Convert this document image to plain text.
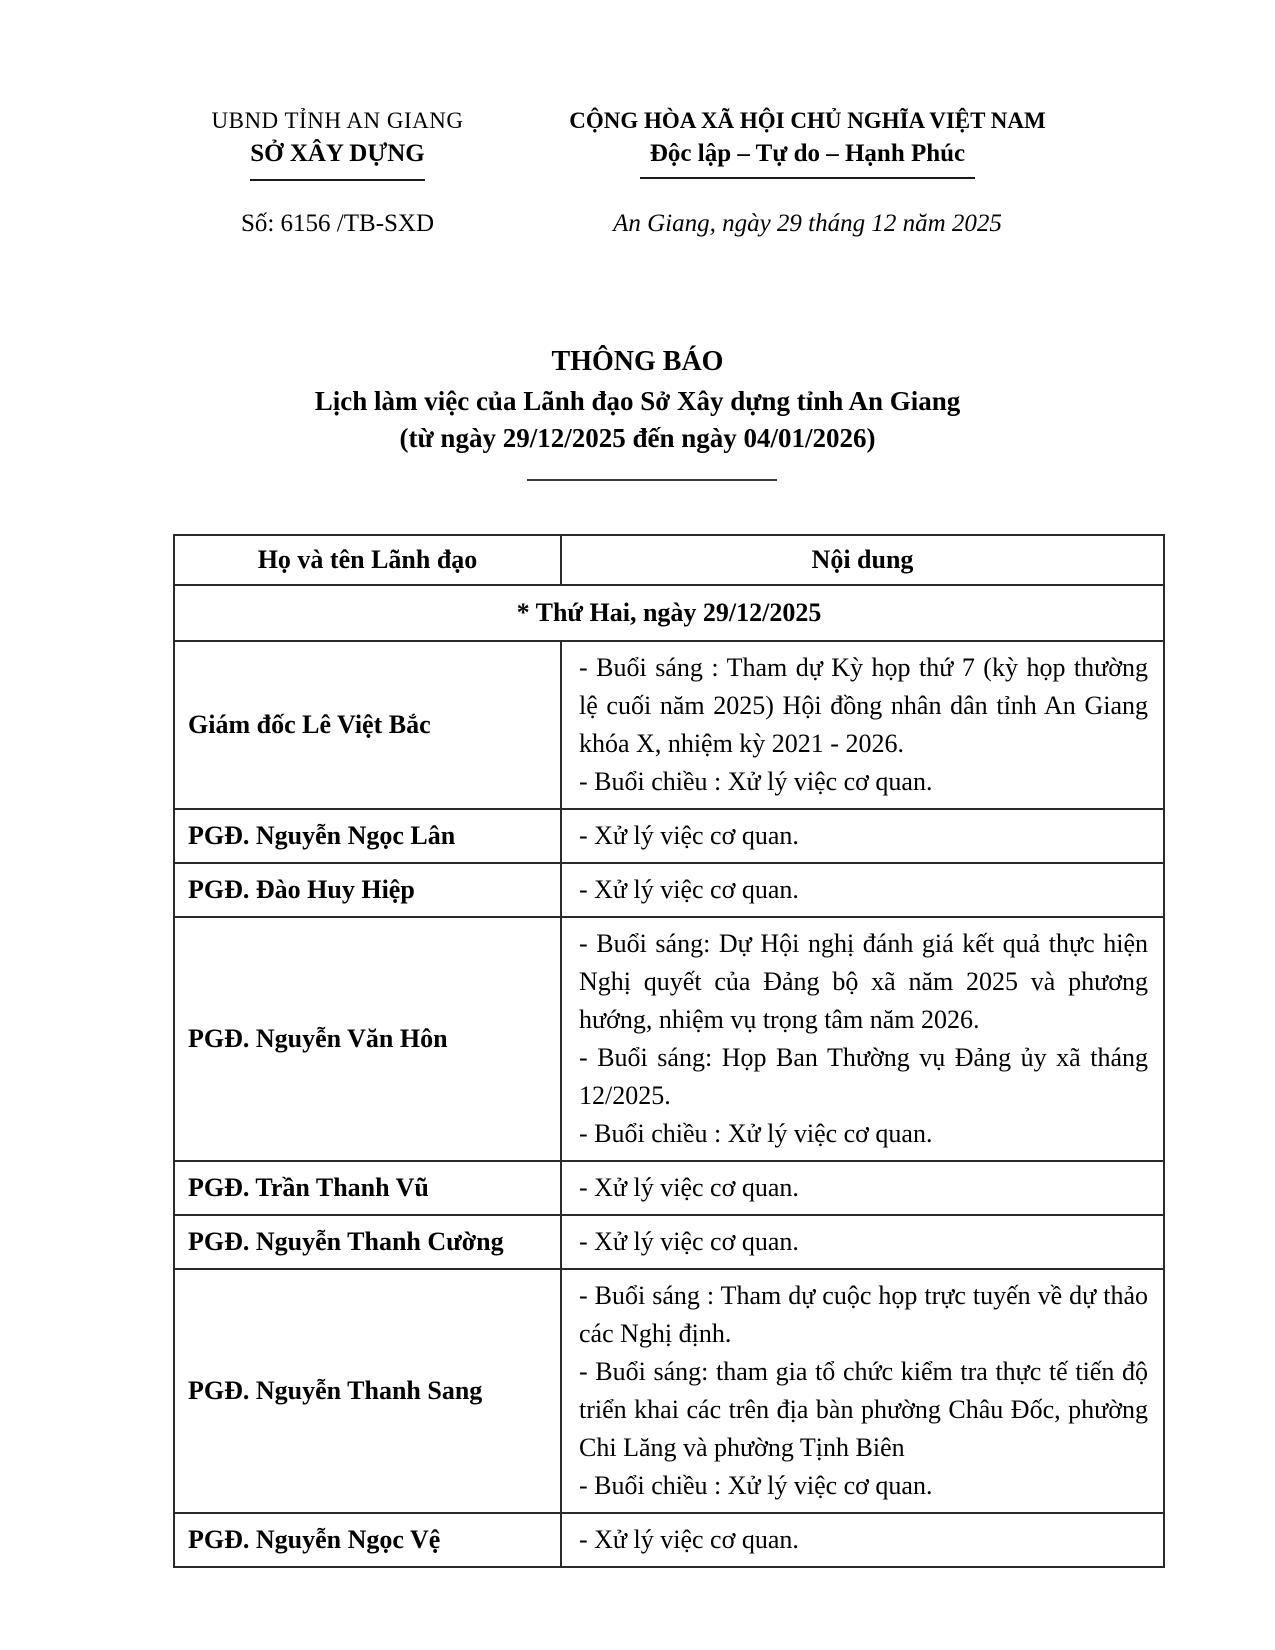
UBND TỈNH AN GIANG
SỞ XÂY DỰNG
CỘNG HÒA XÃ HỘI CHỦ NGHĨA VIỆT NAM
Độc lập – Tự do – Hạnh Phúc
Số: 6156 /TB-SXD	An Giang, ngày 29 tháng 12 năm 2025
THÔNG BÁO
Lịch làm việc của Lãnh đạo Sở Xây dựng tỉnh An Giang
(từ ngày 29/12/2025 đến ngày 04/01/2026)
Họ và tên Lãnh đạo	Nội dung
* Thứ Hai, ngày 29/12/2025	
Giám đốc Lê Việt Bắc	- Buổi sáng : Tham dự Kỳ họp thứ 7 (kỳ họp thường lệ cuối năm 2025) Hội đồng nhân dân tỉnh An Giang khóa X, nhiệm kỳ 2021 - 2026.

- Buổi chiều : Xử lý việc cơ quan.

PGĐ. Nguyễn Ngọc Lân	- Xử lý việc cơ quan.

PGĐ. Đào Huy Hiệp	- Xử lý việc cơ quan.

PGĐ. Nguyễn Văn Hôn	- Buổi sáng: Dự Hội nghị đánh giá kết quả thực hiện Nghị quyết của Đảng bộ xã năm 2025 và phương hướng, nhiệm vụ trọng tâm năm 2026.

- Buổi sáng: Họp Ban Thường vụ Đảng ủy xã tháng 12/2025.

- Buổi chiều : Xử lý việc cơ quan.

PGĐ. Trần Thanh Vũ	- Xử lý việc cơ quan.

PGĐ. Nguyễn Thanh Cường	- Xử lý việc cơ quan.

PGĐ. Nguyễn Thanh Sang	- Buổi sáng : Tham dự cuộc họp trực tuyến về dự thảo các Nghị định.

- Buổi sáng: tham gia tổ chức kiểm tra thực tế tiến độ triển khai các trên địa bàn phường Châu Đốc, phường Chi Lăng và phường Tịnh Biên

- Buổi chiều : Xử lý việc cơ quan.

PGĐ. Nguyễn Ngọc Vệ	- Xử lý việc cơ quan.
